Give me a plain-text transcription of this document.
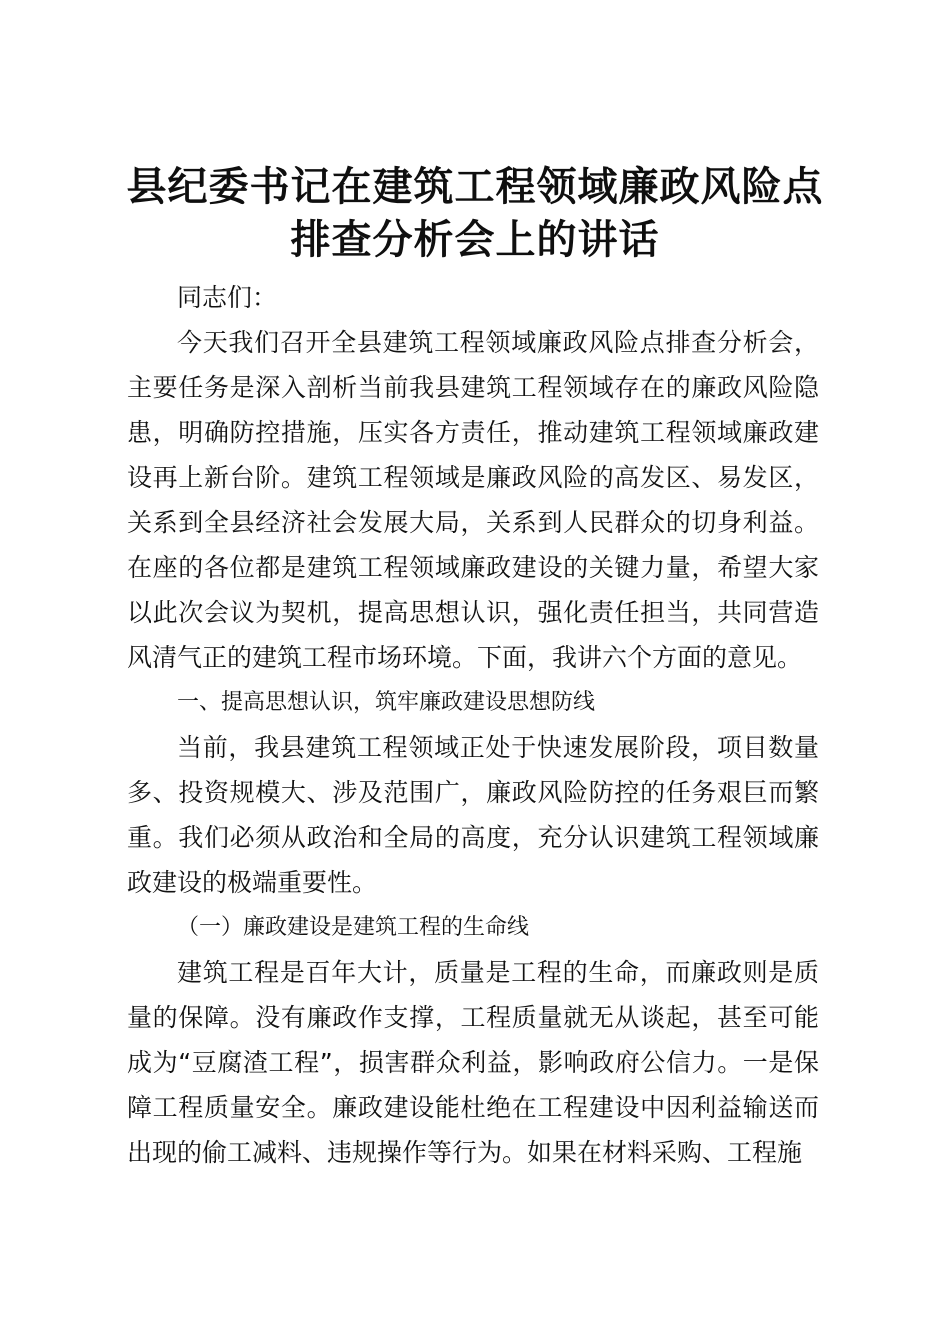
县纪委书记在建筑工程领域廉政风险点
排查分析会上的讲话

同志们：

今天我们召开全县建筑工程领域廉政风险点排查分析会，主要任务是深入剖析当前我县建筑工程领域存在的廉政风险隐患，明确防控措施，压实各方责任，推动建筑工程领域廉政建设再上新台阶。建筑工程领域是廉政风险的高发区、易发区，关系到全县经济社会发展大局，关系到人民群众的切身利益。在座的各位都是建筑工程领域廉政建设的关键力量，希望大家以此次会议为契机，提高思想认识，强化责任担当，共同营造风清气正的建筑工程市场环境。下面，我讲六个方面的意见。

一、提高思想认识，筑牢廉政建设思想防线

当前，我县建筑工程领域正处于快速发展阶段，项目数量多、投资规模大、涉及范围广，廉政风险防控的任务艰巨而繁重。我们必须从政治和全局的高度，充分认识建筑工程领域廉政建设的极端重要性。

（一）廉政建设是建筑工程的生命线

建筑工程是百年大计，质量是工程的生命，而廉政则是质量的保障。没有廉政作支撑，工程质量就无从谈起，甚至可能成为“豆腐渣工程”，损害群众利益，影响政府公信力。一是保障工程质量安全。廉政建设能杜绝在工程建设中因利益输送而出现的偷工减料、违规操作等行为。如果在材料采购、工程施
